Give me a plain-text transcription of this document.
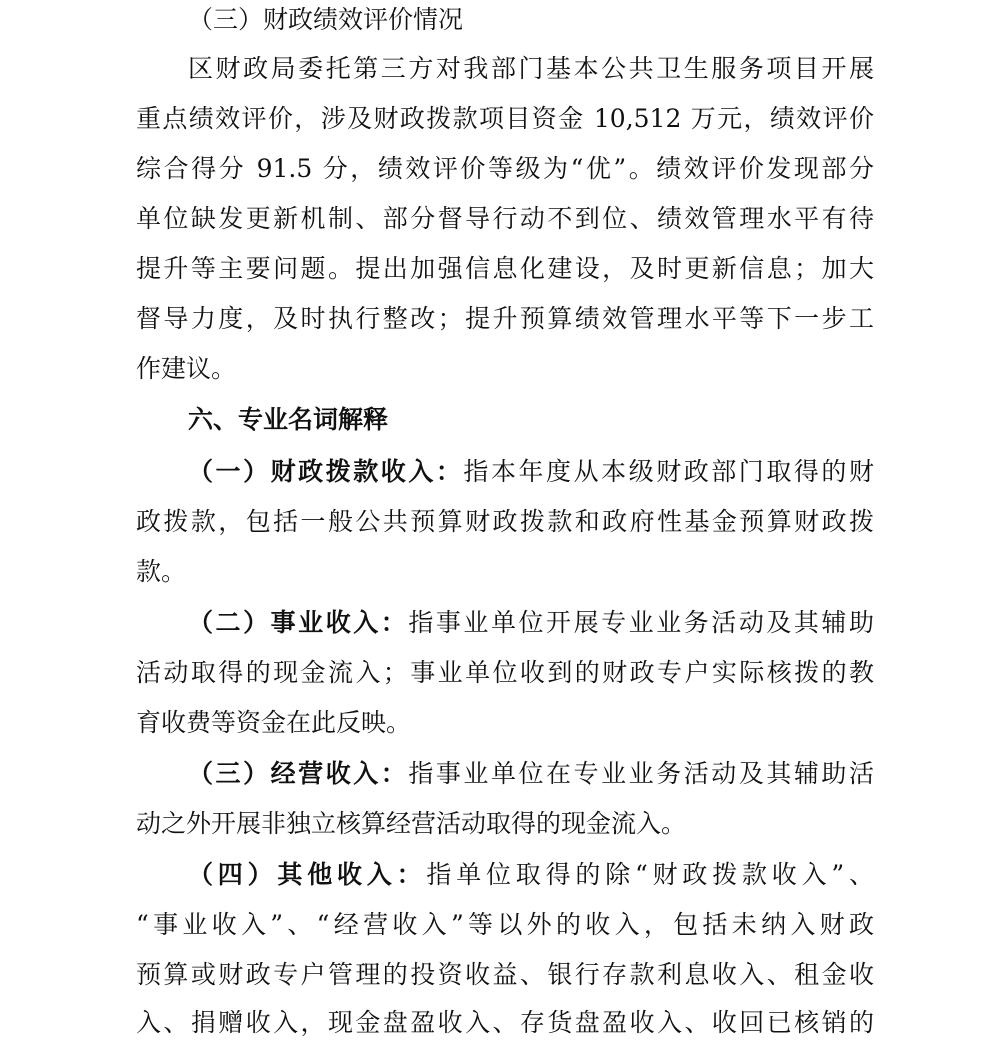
（三）财政绩效评价情况
区财政局委托第三方对我部门基本公共卫生服务项目开展
重点绩效评价，涉及财政拨款项目资金 10,512 万元，绩效评价
综合得分 91.5 分，绩效评价等级为“优”。绩效评价发现部分
单位缺发更新机制、部分督导行动不到位、绩效管理水平有待
提升等主要问题。提出加强信息化建设，及时更新信息；加大
督导力度，及时执行整改；提升预算绩效管理水平等下一步工
作建议。
六、专业名词解释
（一）财政拨款收入：指本年度从本级财政部门取得的财
政拨款，包括一般公共预算财政拨款和政府性基金预算财政拨
款。
（二）事业收入：指事业单位开展专业业务活动及其辅助
活动取得的现金流入；事业单位收到的财政专户实际核拨的教
育收费等资金在此反映。
（三）经营收入：指事业单位在专业业务活动及其辅助活
动之外开展非独立核算经营活动取得的现金流入。
（四）其他收入：指单位取得的除“财政拨款收入”、
“事业收入”、“经营收入”等以外的收入，包括未纳入财政
预算或财政专户管理的投资收益、银行存款利息收入、租金收
入、捐赠收入，现金盘盈收入、存货盘盈收入、收回已核销的
